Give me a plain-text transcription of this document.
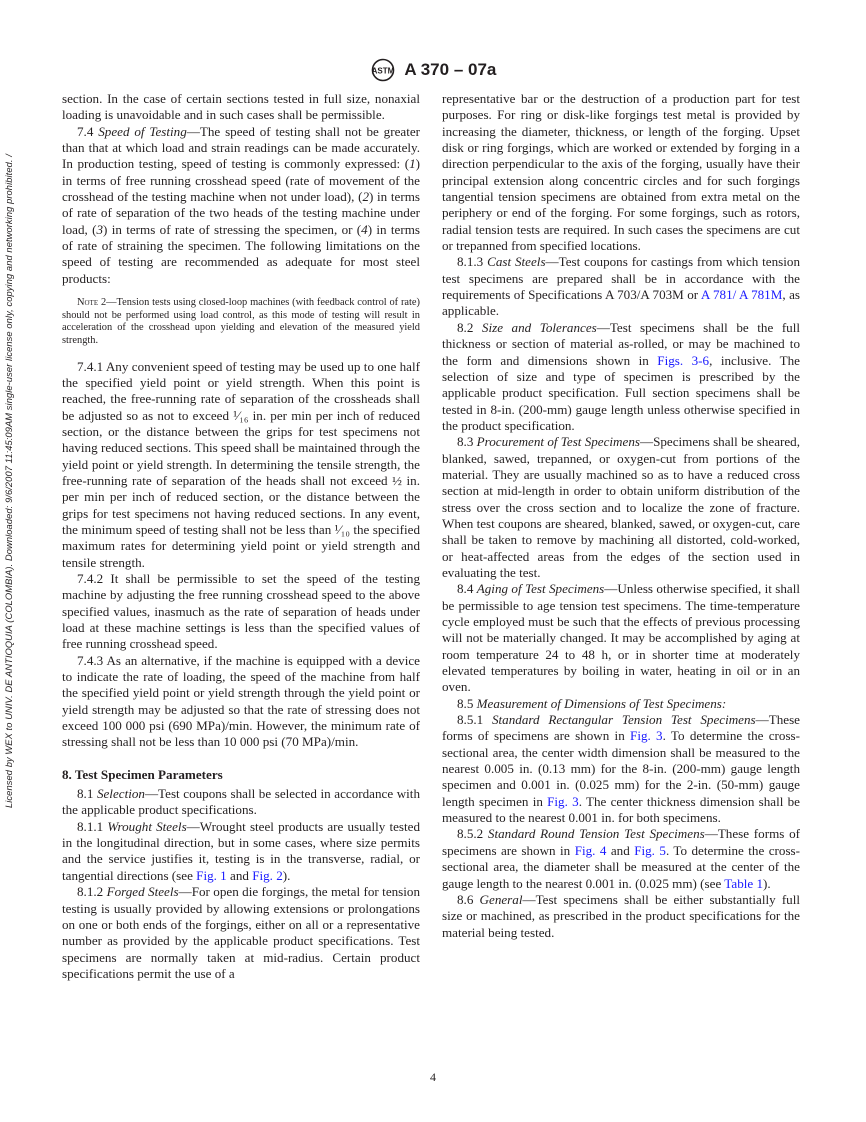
ASTM A 370 – 07a
Licensed by WEX to UNIV. DE ANTIOQUIA (COLOMBIA). Downloaded: 9/6/2007 11:45:09AM single-user license only, copying and networking prohibited. /

section. In the case of certain sections tested in full size, nonaxial loading is unavoidable and in such cases shall be permissible.

7.4 Speed of Testing—The speed of testing shall not be greater than that at which load and strain readings can be made accurately. In production testing, speed of testing is commonly expressed: (1) in terms of free running crosshead speed (rate of movement of the crosshead of the testing machine when not under load), (2) in terms of rate of separation of the two heads of the testing machine under load, (3) in terms of rate of stressing the specimen, or (4) in terms of rate of straining the specimen. The following limitations on the speed of testing are recommended as adequate for most steel products:

Note 2—Tension tests using closed-loop machines (with feedback control of rate) should not be performed using load control, as this mode of testing will result in acceleration of the crosshead upon yielding and elevation of the measured yield strength.

7.4.1 Any convenient speed of testing may be used up to one half the specified yield point or yield strength. When this point is reached, the free-running rate of separation of the crossheads shall be adjusted so as not to exceed ¹⁄₁₆ in. per min per inch of reduced section, or the distance between the grips for test specimens not having reduced sections. This speed shall be maintained through the yield point or yield strength. In determining the tensile strength, the free-running rate of separation of the heads shall not exceed ½ in. per min per inch of reduced section, or the distance between the grips for test specimens not having reduced sections. In any event, the minimum speed of testing shall not be less than ¹⁄₁₀ the specified maximum rates for determining yield point or yield strength and tensile strength.

7.4.2 It shall be permissible to set the speed of the testing machine by adjusting the free running crosshead speed to the above specified values, inasmuch as the rate of separation of heads under load at these machine settings is less than the specified values of free running crosshead speed.

7.4.3 As an alternative, if the machine is equipped with a device to indicate the rate of loading, the speed of the machine from half the specified yield point or yield strength through the yield point or yield strength may be adjusted so that the rate of stressing does not exceed 100 000 psi (690 MPa)/min. However, the minimum rate of stressing shall not be less than 10 000 psi (70 MPa)/min.

8. Test Specimen Parameters

8.1 Selection—Test coupons shall be selected in accordance with the applicable product specifications.

8.1.1 Wrought Steels—Wrought steel products are usually tested in the longitudinal direction, but in some cases, where size permits and the service justifies it, testing is in the transverse, radial, or tangential directions (see Fig. 1 and Fig. 2).

8.1.2 Forged Steels—For open die forgings, the metal for tension testing is usually provided by allowing extensions or prolongations on one or both ends of the forgings, either on all or a representative number as provided by the applicable product specifications. Test specimens are normally taken at mid-radius. Certain product specifications permit the use of a

representative bar or the destruction of a production part for test purposes. For ring or disk-like forgings test metal is provided by increasing the diameter, thickness, or length of the forging. Upset disk or ring forgings, which are worked or extended by forging in a direction perpendicular to the axis of the forging, usually have their principal extension along concentric circles and for such forgings tangential tension specimens are obtained from extra metal on the periphery or end of the forging. For some forgings, such as rotors, radial tension tests are required. In such cases the specimens are cut or trepanned from specified locations.

8.1.3 Cast Steels—Test coupons for castings from which tension test specimens are prepared shall be in accordance with the requirements of Specifications A 703/A 703M or A 781/ A 781M, as applicable.

8.2 Size and Tolerances—Test specimens shall be the full thickness or section of material as-rolled, or may be machined to the form and dimensions shown in Figs. 3-6, inclusive. The selection of size and type of specimen is prescribed by the applicable product specification. Full section specimens shall be tested in 8-in. (200-mm) gauge length unless otherwise specified in the product specification.

8.3 Procurement of Test Specimens—Specimens shall be sheared, blanked, sawed, trepanned, or oxygen-cut from portions of the material. They are usually machined so as to have a reduced cross section at mid-length in order to obtain uniform distribution of the stress over the cross section and to localize the zone of fracture. When test coupons are sheared, blanked, sawed, or oxygen-cut, care shall be taken to remove by machining all distorted, cold-worked, or heat-affected areas from the edges of the section used in evaluating the test.

8.4 Aging of Test Specimens—Unless otherwise specified, it shall be permissible to age tension test specimens. The time-temperature cycle employed must be such that the effects of previous processing will not be materially changed. It may be accomplished by aging at room temperature 24 to 48 h, or in shorter time at moderately elevated temperatures by boiling in water, heating in oil or in an oven.

8.5 Measurement of Dimensions of Test Specimens:

8.5.1 Standard Rectangular Tension Test Specimens—These forms of specimens are shown in Fig. 3. To determine the cross-sectional area, the center width dimension shall be measured to the nearest 0.005 in. (0.13 mm) for the 8-in. (200-mm) gauge length specimen and 0.001 in. (0.025 mm) for the 2-in. (50-mm) gauge length specimen in Fig. 3. The center thickness dimension shall be measured to the nearest 0.001 in. for both specimens.

8.5.2 Standard Round Tension Test Specimens—These forms of specimens are shown in Fig. 4 and Fig. 5. To determine the cross-sectional area, the diameter shall be measured at the center of the gauge length to the nearest 0.001 in. (0.025 mm) (see Table 1).

8.6 General—Test specimens shall be either substantially full size or machined, as prescribed in the product specifications for the material being tested.

4
